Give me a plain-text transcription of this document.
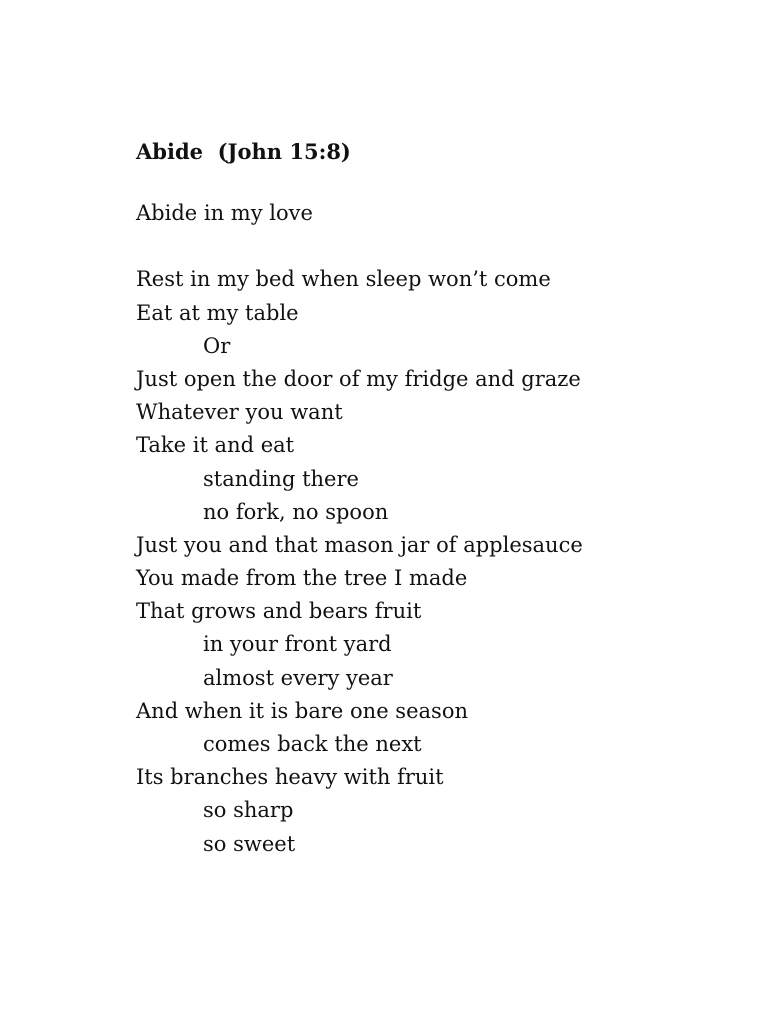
Abide  (John 15:8)
Abide in my love
Rest in my bed when sleep won’t come
Eat at my table
Or
Just open the door of my fridge and graze
Whatever you want
Take it and eat
standing there
no fork, no spoon
Just you and that mason jar of applesauce
You made from the tree I made
That grows and bears fruit
in your front yard
almost every year
And when it is bare one season
comes back the next
Its branches heavy with fruit
so sharp
so sweet
